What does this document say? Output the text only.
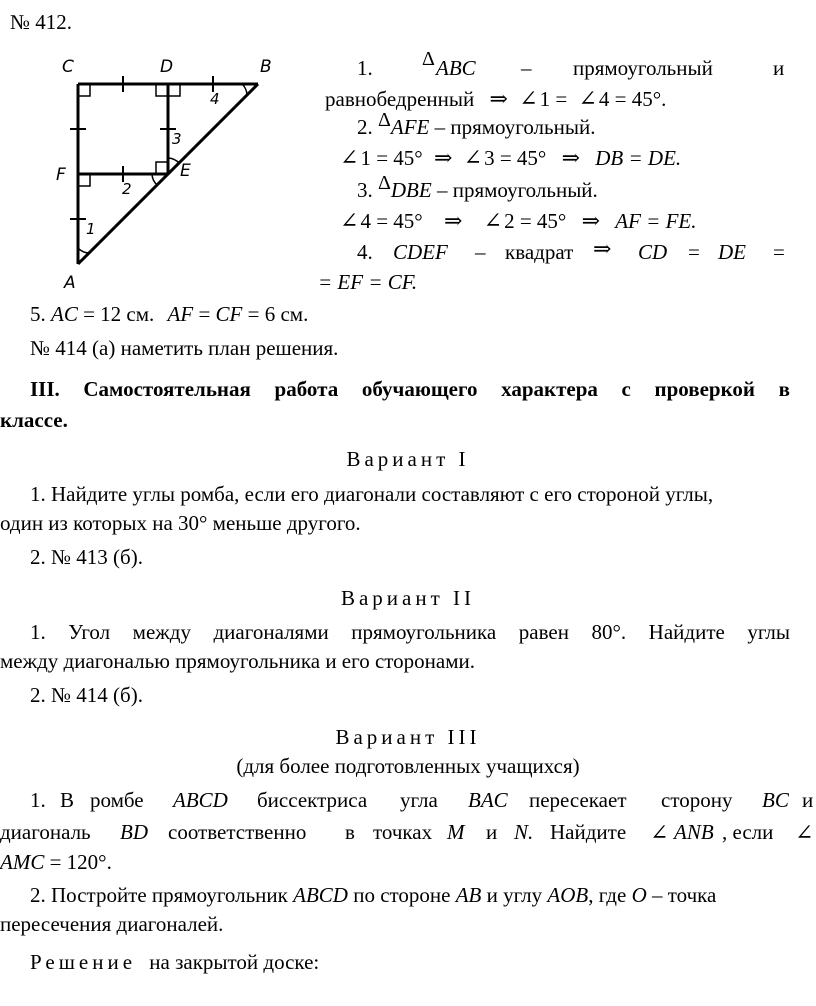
№ 412.
C	D	B
F	E
A
1
2
3
4
1. Δ ABC – прямоугольный	и
равнобедренный ⇒ ∠1 = ∠4 = 45°.
2. ΔAFE – прямоугольный.
∠1 = 45° ⇒ ∠3 = 45° ⇒ DB = DE.
3. ΔDBE – прямоугольный.
∠4 = 45° ⇒ ∠2 = 45° ⇒ AF = FE.
4. CDEF – квадрат ⇒ CD = DE =
= EF = CF.
5. AC = 12 см. AF = CF = 6 см.
№ 414 (а) наметить план решения.
III. Самостоятельная работа обучающего характера с проверкой в
классе.
Вариант I
1. Найдите углы ромба, если его диагонали составляют с его стороной углы,
один из которых на 30° меньше другого.
2. № 413 (б).
Вариант II
1. Угол между диагоналями прямоугольника равен 80°. Найдите углы
между диагональю прямоугольника и его сторонами.
2. № 414 (б).
Вариант III
(для более подготовленных учащихся)
1. В ромбе ABCD биссектриса угла BAC пересекает сторону BC и
диагональ BD соответственно в точках M и N. Найдите ∠ ANB , если ∠
AMC = 120°.
2. Постройте прямоугольник ABCD по стороне AB и углу AOB, где O – точка
пересечения диагоналей.
Решение на закрытой доске:
